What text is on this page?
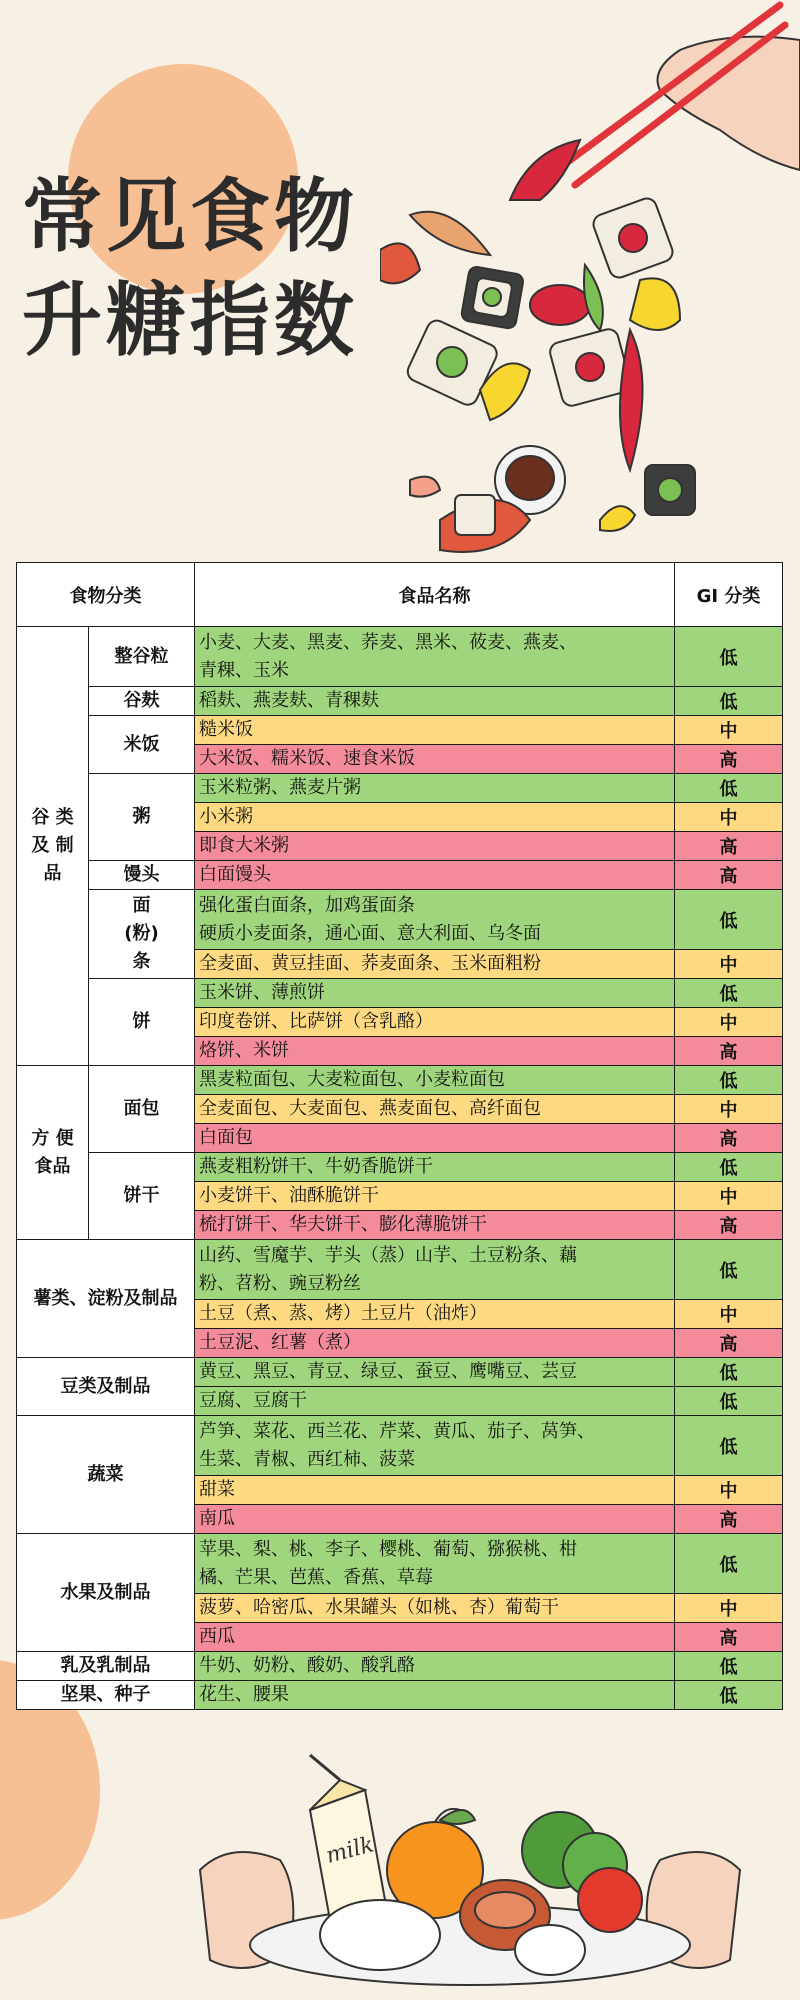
常见食物
升糖指数
食物分类		食品名称	GI 分类
谷 类
及 制
品	整谷粒	小麦、大麦、黑麦、荞麦、黑米、莜麦、燕麦、
青稞、玉米	低
	谷麸	稻麸、燕麦麸、青稞麸	低
	米饭	糙米饭	中
		大米饭、糯米饭、速食米饭	高
	粥	玉米粒粥、燕麦片粥	低
		小米粥	中
		即食大米粥	高
	馒头	白面馒头	高
	面
(粉)
条	强化蛋白面条，加鸡蛋面条
硬质小麦面条，通心面、意大利面、乌冬面	低
		全麦面、黄豆挂面、荞麦面条、玉米面粗粉	中
	饼	玉米饼、薄煎饼	低
		印度卷饼、比萨饼（含乳酪）	中
		烙饼、米饼	高
方 便
食品	面包	黑麦粒面包、大麦粒面包、小麦粒面包	低
		全麦面包、大麦面包、燕麦面包、高纤面包	中
		白面包	高
	饼干	燕麦粗粉饼干、牛奶香脆饼干	低
		小麦饼干、油酥脆饼干	中
		梳打饼干、华夫饼干、膨化薄脆饼干	高
薯类、淀粉及制品		山药、雪魔芋、芋头（蒸）山芋、土豆粉条、藕
粉、苕粉、豌豆粉丝	低
		土豆（煮、蒸、烤）土豆片（油炸）	中
		土豆泥、红薯（煮）	高
豆类及制品		黄豆、黑豆、青豆、绿豆、蚕豆、鹰嘴豆、芸豆	低
		豆腐、豆腐干	低
蔬菜		芦笋、菜花、西兰花、芹菜、黄瓜、茄子、莴笋、
生菜、青椒、西红柿、菠菜	低
		甜菜	中
		南瓜	高
水果及制品		苹果、梨、桃、李子、樱桃、葡萄、猕猴桃、柑
橘、芒果、芭蕉、香蕉、草莓	低
		菠萝、哈密瓜、水果罐头（如桃、杏）葡萄干	中
		西瓜	高
乳及乳制品		牛奶、奶粉、酸奶、酸乳酪	低
坚果、种子		花生、腰果	低
milk
